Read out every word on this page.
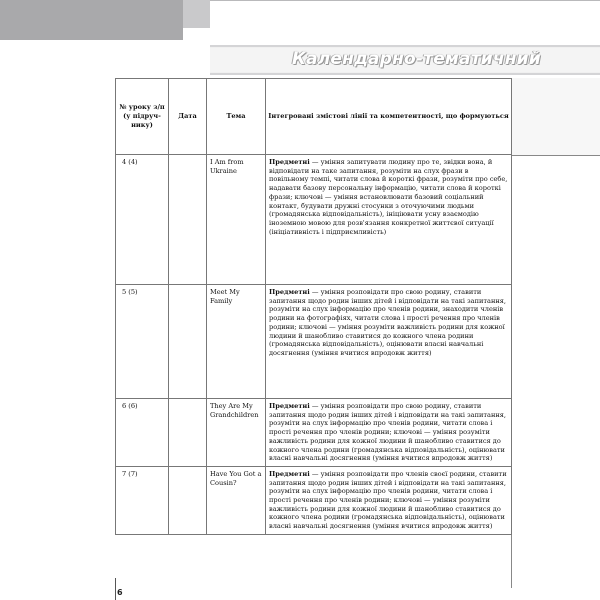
Календарно-тематичний
№ уроку з/п (у підруч-нику)	Дата	Тема	Інтегровані змістові лінії та компетентності, що формуються
4 (4)		I Am from Ukraine	Предметні — уміння запитувати людину про те, звідки вона, й відповідати на таке запитання, розуміти на слух фрази в повільному темпі, читати слова й короткі фрази, розуміти про себе, надавати базову персональну інформацію, читати слова й короткі фрази; ключові — уміння встановлювати базовий соціальний контакт, будувати дружні стосунки з оточуючими людьми (громадянська відповідальність), ініціювати усну взаємодію іноземною мовою для розв'язання конкретної життєвої ситуації (ініціативність і підприємливість)
5 (5)		Meet My Family	Предметні — уміння розповідати про свою родину, ставити запитання щодо родин інших дітей і відповідати на такі запитання, розуміти на слух інформацію про членів родини, знаходити членів родини на фотографіях, читати слова і прості речення про членів родини; ключові — уміння розуміти важливість родини для кожної людини й шанобливо ставитися до кожного члена родини (громадянська відповідальність), оцінювати власні навчальні досягнення (уміння вчитися впродовж життя)
6 (6)		They Are My Grandchildren	Предметні — уміння розповідати про свою родину, ставити запитання щодо родин інших дітей і відповідати на такі запитання, розуміти на слух інформацію про членів родини, читати слова і прості речення про членів родини; ключові — уміння розуміти важливість родини для кожної людини й шанобливо ставитися до кожного члена родини (громадянська відповідальність), оцінювати власні навчальні досягнення (уміння вчитися впродовж життя)
7 (7)		Have You Got a Cousin?	Предметні — уміння розповідати про членів своєї родини, ставити запитання щодо родин інших дітей і відповідати на такі запитання, розуміти на слух інформацію про членів родини, читати слова і прості речення про членів родини; ключові — уміння розуміти важливість родини для кожної людини й шанобливо ставитися до кожного члена родини (громадянська відповідальність), оцінювати власні навчальні досягнення (уміння вчитися впродовж життя)
6
